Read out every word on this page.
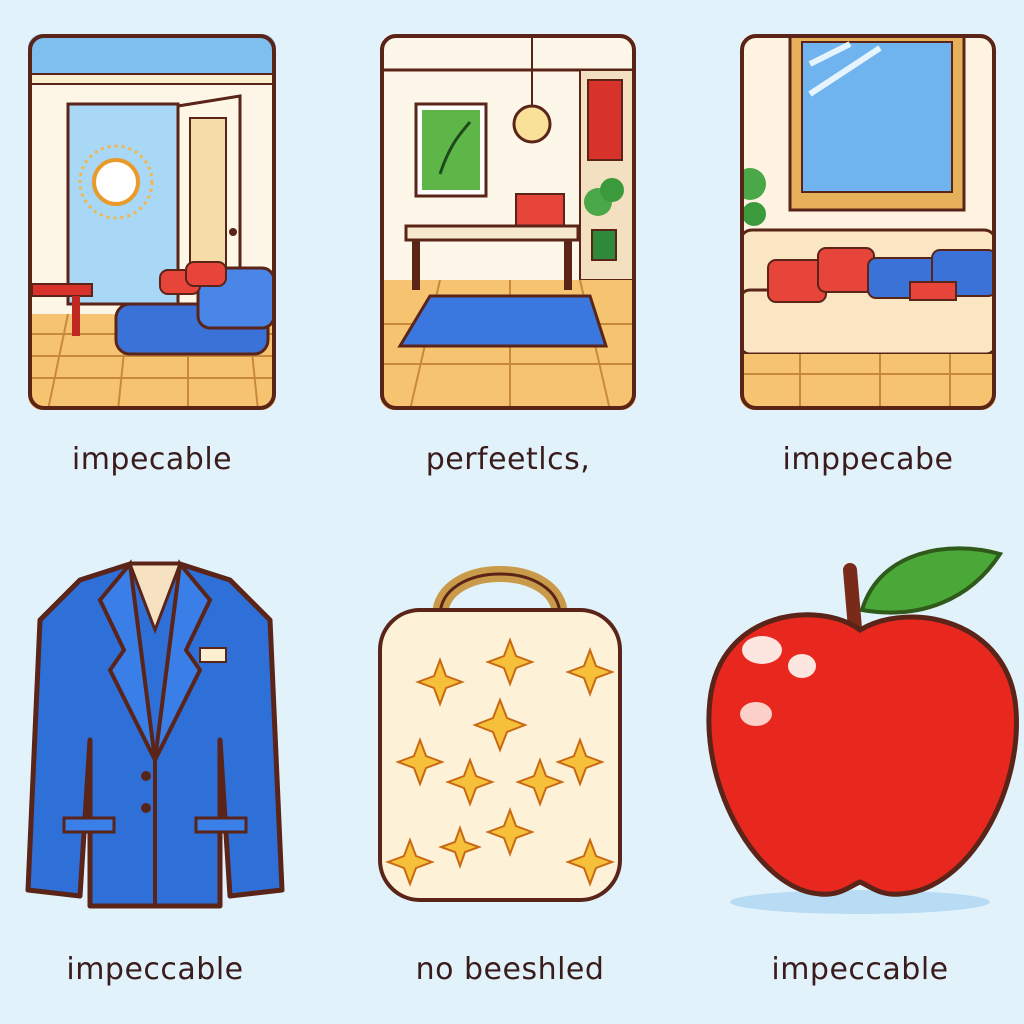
impecable	perfeetlcs,	imppecabe
impeccable	no beeshled	impeccable
